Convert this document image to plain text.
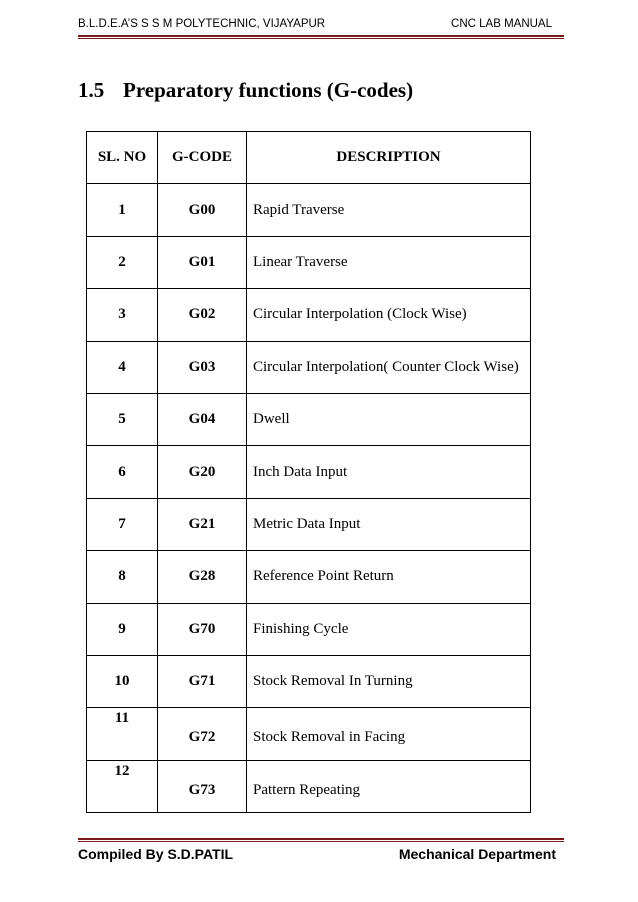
B.L.D.E.A’S S S M POLYTECHNIC, VIJAYAPUR	CNC LAB MANUAL
1.5 Preparatory functions (G-codes)
SL. NO	G-CODE	DESCRIPTION
1	G00	Rapid Traverse
2	G01	Linear Traverse
3	G02	Circular Interpolation (Clock Wise)
4	G03	Circular Interpolation( Counter Clock Wise)
5	G04	Dwell
6	G20	Inch Data Input
7	G21	Metric Data Input
8	G28	Reference Point Return
9	G70	Finishing Cycle
10	G71	Stock Removal In Turning
11	G72	Stock Removal in Facing
12	G73	Pattern Repeating
Compiled By S.D.PATIL	Mechanical Department
